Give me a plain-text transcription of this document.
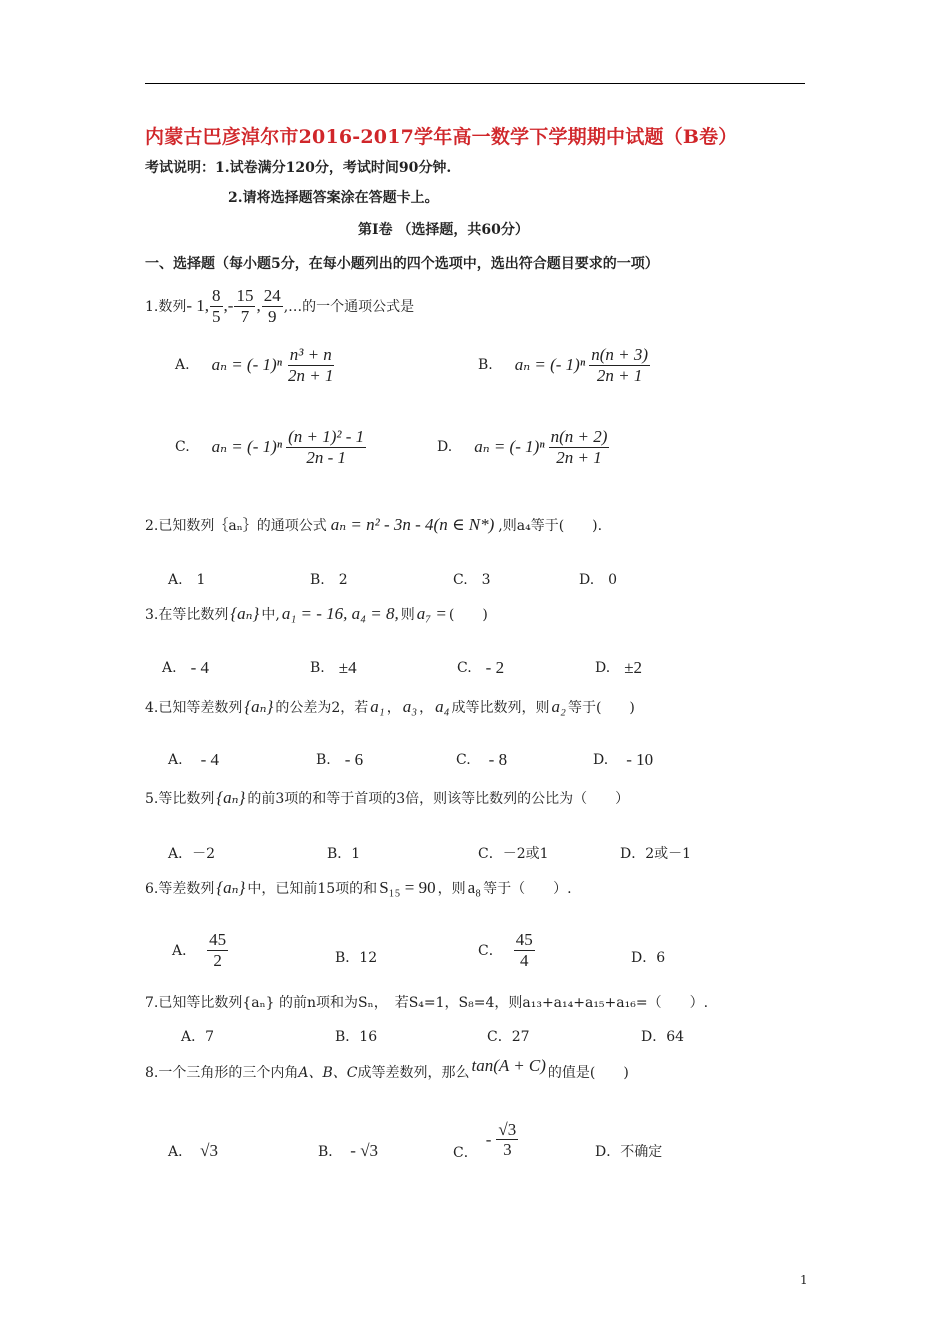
内蒙古巴彦淖尔市2016-2017学年高一数学下学期期中试题（B卷）
考试说明：1.试卷满分120分，考试时间90分钟.
2.请将选择题答案涂在答题卡上。
第Ⅰ卷 （选择题，共60分）
一、选择题（每小题5分，在每小题列出的四个选项中，选出符合题目要求的一项）
1.数列 - 1, $\frac{8}{5}$ ,- $\frac{15}{7}$ , $\frac{24}{9}$ ,…的一个通项公式是
A. aₙ = (- $1)^n \frac{\text{n³ + n}}{2n + 1}$	B. aₙ = (- $1)^n \frac{n(n + 3)}{2n + 1}$
C. aₙ = (- $1)^n \frac{\text{(n + 1)² - 1}}{2n - 1}$	D. aₙ = (- $1)^n \frac{n(n + 2)}{2n + 1}$
2.已知数列｛aₙ｝的通项公式 aₙ = n² - 3n - 4(n ∈ N*) ,则a₄等于(　　).
A.　1	B.　2	C.　3	D.　0
3.在等比数列 {aₙ} 中, a₁ = - 16, a₄ = 8, 则 a₇ = (　　)
A. - 4	B. ±4	C. - 2	D. ±2
4.已知等差数列 {aₙ} 的公差为2，若 a₁ ， a₃ ， a₄ 成等比数列，则 a₂ 等于(　　)
A. - 4	B. - 6	C. - 8	D. - 10
5.等比数列 {aₙ} 的前3项的和等于首项的3倍，则该等比数列的公比为（　　）
A．－2	B．1	C．－2或1	D．2或－1
6.等差数列 {aₙ} 中，已知前15项的和 S₁₅ = 90 ，则 a₈ 等于（　　）.
A． $\frac{45}{2}$	B．12	C． $\frac{45}{4}$	D．6
7.已知等比数列{aₙ} 的前n项和为Sₙ，　若S₄=1，S₈=4，则a₁₃+a₁₄+a₁₅+a₁₆=（　　）.
A．7	B．16	C．27	D．64
8.一个三角形的三个内角 A、B、C 成等差数列，那么 tan(A + C) 的值是(　　)
A． √3	B． - √3	C．
- $\frac{√3}{3}$	D．不确定
1
